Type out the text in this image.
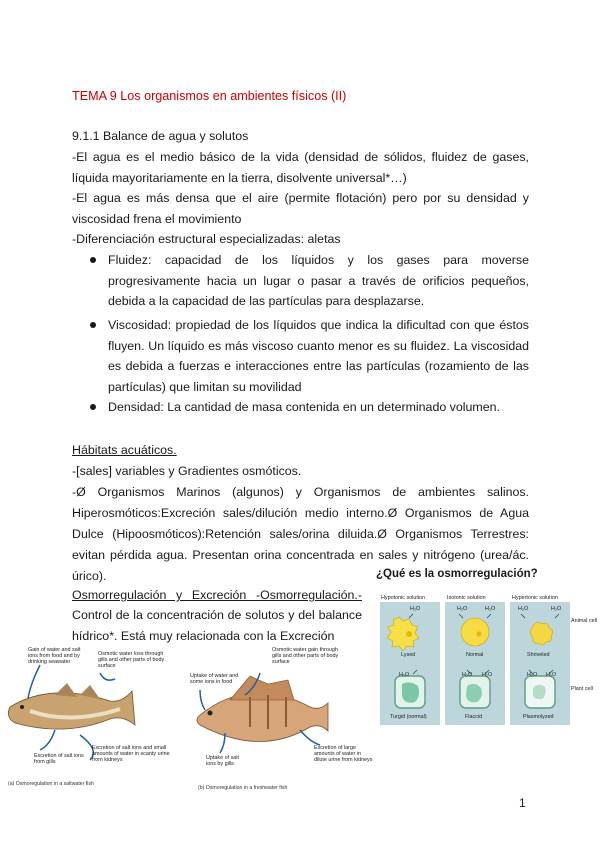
TEMA 9 Los organismos en ambientes físicos (II)
9.1.1 Balance de agua y solutos
-El agua es el medio básico de la vida (densidad de sólidos, fluidez de gases, líquida mayoritariamente en la tierra, disolvente universal*…)
-El agua es más densa que el aire (permite flotación) pero por su densidad y viscosidad frena el movimiento
-Diferenciación estructural especializadas: aletas
Fluidez: capacidad de los líquidos y los gases para moverse progresivamente hacia un lugar o pasar a través de orificios pequeños, debida a la capacidad de las partículas para desplazarse.
Viscosidad: propiedad de los líquidos que indica la dificultad con que éstos fluyen. Un líquido es más viscoso cuanto menor es su fluidez. La viscosidad es debida a fuerzas e interacciones entre las partículas (rozamiento de las partículas) que limitan su movilidad
Densidad: La cantidad de masa contenida en un determinado volumen.
Hábitats acuáticos.
-[sales] variables y Gradientes osmóticos.
-Ø Organismos Marinos (algunos) y Organismos de ambientes salinos. Hiperosmóticos:Excreción sales/dilución medio interno.Ø Organismos de Agua Dulce (Hipoosmóticos):Retención sales/orina diluida.Ø Organismos Terrestres: evitan pérdida agua. Presentan orina concentrada en sales y nitrógeno (urea/ác. úrico).
Osmorregulación y Excreción -Osmorregulación.-
Control de la concentración de solutos y del balance hídrico*. Está muy relacionada con la Excreción
¿Qué es la osmorregulación?
Hypotonic solution	Isotonic solution	Hypertonic solution
Animal cell
Plant cell
H₂O	H₂O	H₂O	H₂O	H₂O
H₂O	H₂O H₂O	H₂O H₂O
Lysed	Normal	Shriveled
Turgid (normal)	Flaccid	Plasmolyzed
Gain of water and salt ions from food and by drinking seawater
Osmotic water loss through gills and other parts of body surface
Excretion of salt ions from gills
Excretion of salt ions and small amounts of water in scanty urine from kidneys
(a) Osmoregulation in a saltwater fish
Osmotic water gain through gills and other parts of body surface
Uptake of water and some ions in food
Uptake of salt ions by gills
Excretion of large amounts of water in dilute urine from kidneys
(b) Osmoregulation in a freshwater fish
1
